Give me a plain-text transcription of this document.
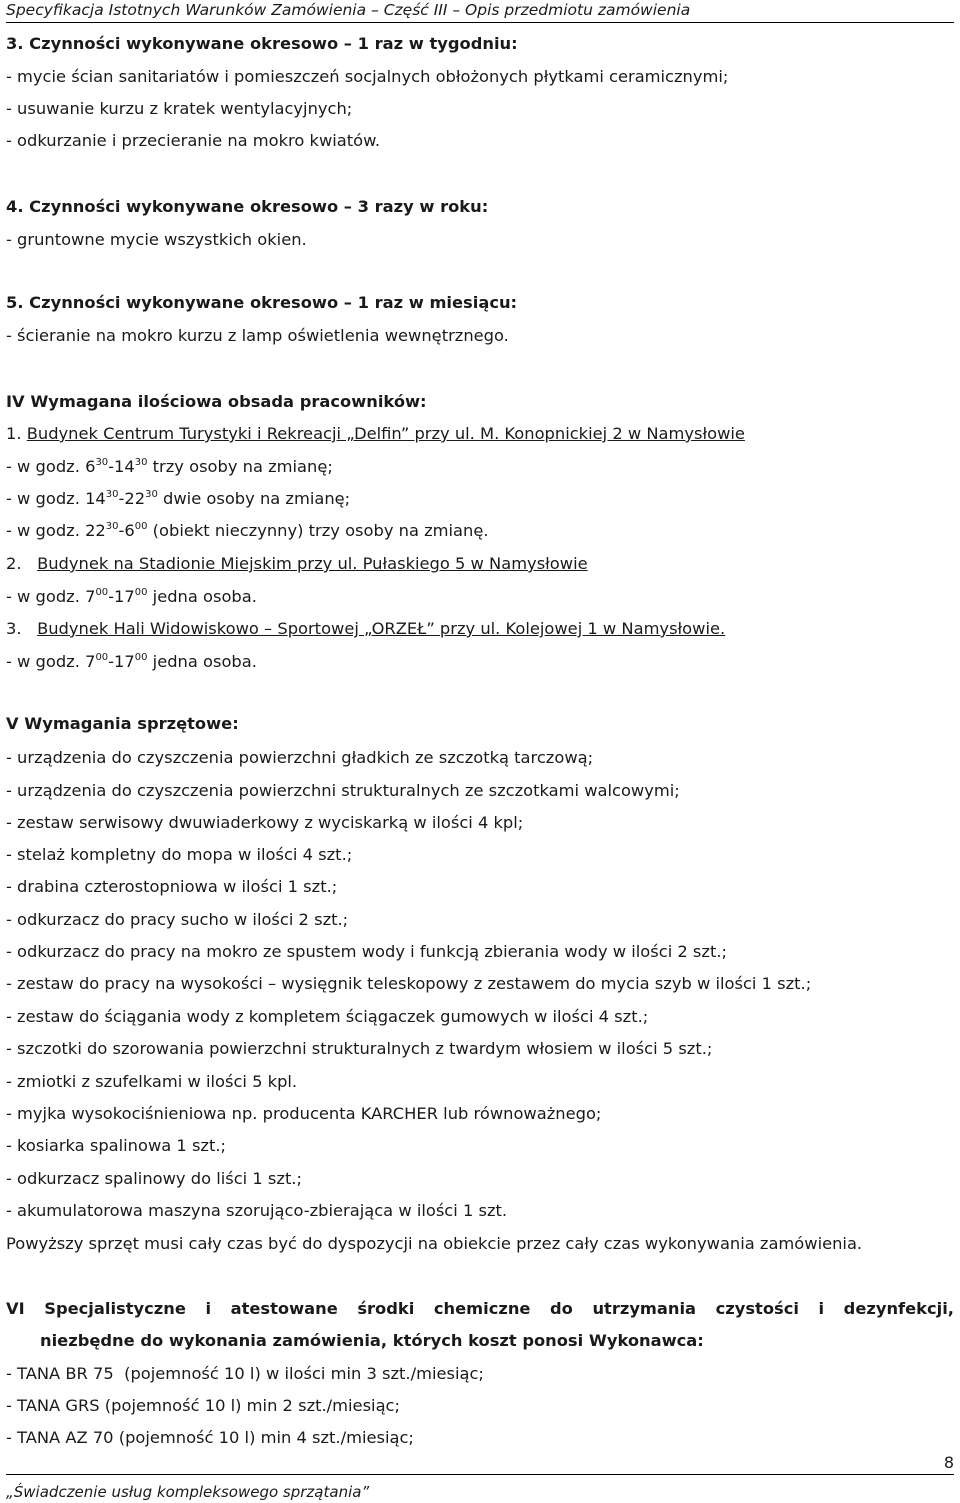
Specyfikacja Istotnych Warunków Zamówienia – Część III – Opis przedmiotu zamówienia
3. Czynności wykonywane okresowo – 1 raz w tygodniu:
- mycie ścian sanitariatów i pomieszczeń socjalnych obłożonych płytkami ceramicznymi;
- usuwanie kurzu z kratek wentylacyjnych;
- odkurzanie i przecieranie na mokro kwiatów.
4. Czynności wykonywane okresowo – 3 razy w roku:
- gruntowne mycie wszystkich okien.
5. Czynności wykonywane okresowo – 1 raz w miesiącu:
- ścieranie na mokro kurzu z lamp oświetlenia wewnętrznego.
IV Wymagana ilościowa obsada pracowników:
1. Budynek Centrum Turystyki i Rekreacji „Delfin” przy ul. M. Konopnickiej 2 w Namysłowie
- w godz. $6^{30}-14^{30}$ trzy osoby na zmianę;
- w godz. $14^{30}-22^{30}$ dwie osoby na zmianę;
- w godz. $22^{30}-6^{00}$ (obiekt nieczynny) trzy osoby na zmianę.
2.   Budynek na Stadionie Miejskim przy ul. Pułaskiego 5 w Namysłowie
- w godz. $7^{00}-17^{00}$ jedna osoba.
3.   Budynek Hali Widowiskowo – Sportowej „ORZEŁ” przy ul. Kolejowej 1 w Namysłowie.
- w godz. $7^{00}-17^{00}$ jedna osoba.
V Wymagania sprzętowe:
- urządzenia do czyszczenia powierzchni gładkich ze szczotką tarczową;
- urządzenia do czyszczenia powierzchni strukturalnych ze szczotkami walcowymi;
- zestaw serwisowy dwuwiaderkowy z wyciskarką w ilości 4 kpl;
- stelaż kompletny do mopa w ilości 4 szt.;
- drabina czterostopniowa w ilości 1 szt.;
- odkurzacz do pracy sucho w ilości 2 szt.;
- odkurzacz do pracy na mokro ze spustem wody i funkcją zbierania wody w ilości 2 szt.;
- zestaw do pracy na wysokości – wysięgnik teleskopowy z zestawem do mycia szyb w ilości 1 szt.;
- zestaw do ściągania wody z kompletem ściągaczek gumowych w ilości 4 szt.;
- szczotki do szorowania powierzchni strukturalnych z twardym włosiem w ilości 5 szt.;
- zmiotki z szufelkami w ilości 5 kpl.
- myjka wysokociśnieniowa np. producenta KARCHER lub równoważnego;
- kosiarka spalinowa 1 szt.;
- odkurzacz spalinowy do liści 1 szt.;
- akumulatorowa maszyna szorująco-zbierająca w ilości 1 szt.
Powyższy sprzęt musi cały czas być do dyspozycji na obiekcie przez cały czas wykonywania zamówienia.
VI Specjalistyczne i atestowane środki chemiczne do utrzymania czystości i dezynfekcji,
niezbędne do wykonania zamówienia, których koszt ponosi Wykonawca:
- TANA BR 75  (pojemność 10 l) w ilości min 3 szt./miesiąc;
- TANA GRS (pojemność 10 l) min 2 szt./miesiąc;
- TANA AZ 70 (pojemność 10 l) min 4 szt./miesiąc;
8
„Świadczenie usług kompleksowego sprzątania”
